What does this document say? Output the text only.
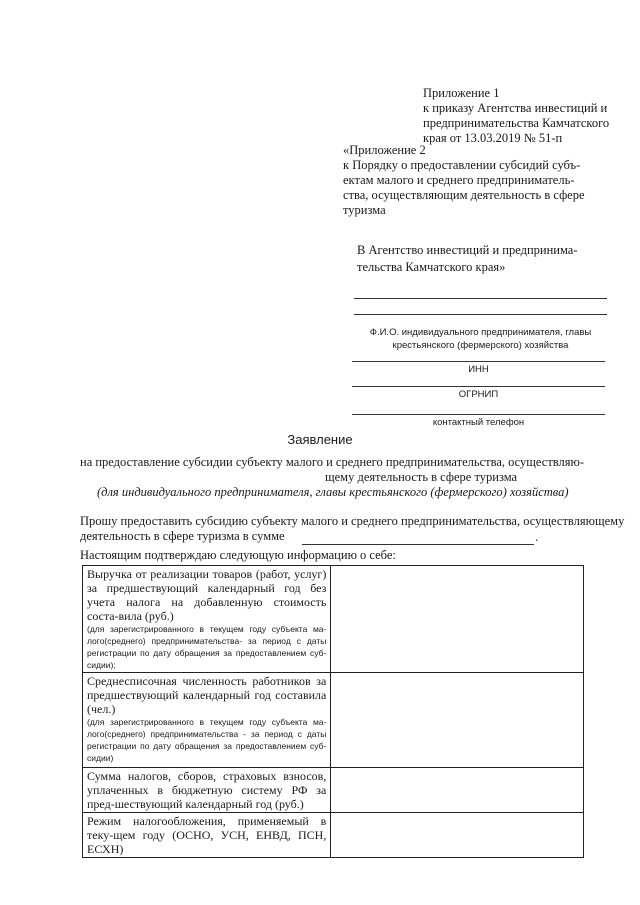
Приложение 1
к приказу Агентства инвестиций и
предпринимательства Камчатского
края от 13.03.2019 № 51-п
«Приложение 2
к Порядку о предоставлении субсидий субъ-
ектам малого и среднего предприниматель-
ства, осуществляющим деятельность в сфере
туризма
В Агентство инвестиций и предпринима-
тельства Камчатского края»
Ф.И.О. индивидуального предпринимателя, главы
крестьянского (фермерского) хозяйства
ИНН
ОГРНИП
контактный телефон
Заявление
на предоставление субсидии субъекту малого и среднего предпринимательства, осуществляю-
щему деятельность в сфере туризма
(для индивидуального предпринимателя, главы крестьянского (фермерского) хозяйства)
Прошу предоставить субсидию субъекту малого и среднего предпринимательства, осуществляющему
деятельность в сфере туризма в сумме	.
Настоящим подтверждаю следующую информацию о себе:
Выручка от реализации товаров (работ, услуг) за предшествующий календарный год без учета налога на добавленную стоимость состa-вила (руб.)
(для зарегистрированного в текущем году субъекта ма-лого(среднего) предпринимательства- за период с даты регистрации по дату обращения за предоставлением суб-сидии);	

Среднесписочная численность работников за предшествующий календарный год составила (чел.)
(для зарегистрированного в текущем году субъекта ма-лого(среднего) предпринимательства - за период с даты регистрации по дату обращения за предоставлением суб-сидии)	

Сумма налогов, сборов, страховых взносов, уплаченных в бюджетную систему РФ за пред-шествующий календарный год (руб.)	

Режим налогообложения, применяемый в теку-щем году (ОСНО, УСН, ЕНВД, ПСН, ЕСХН)	
